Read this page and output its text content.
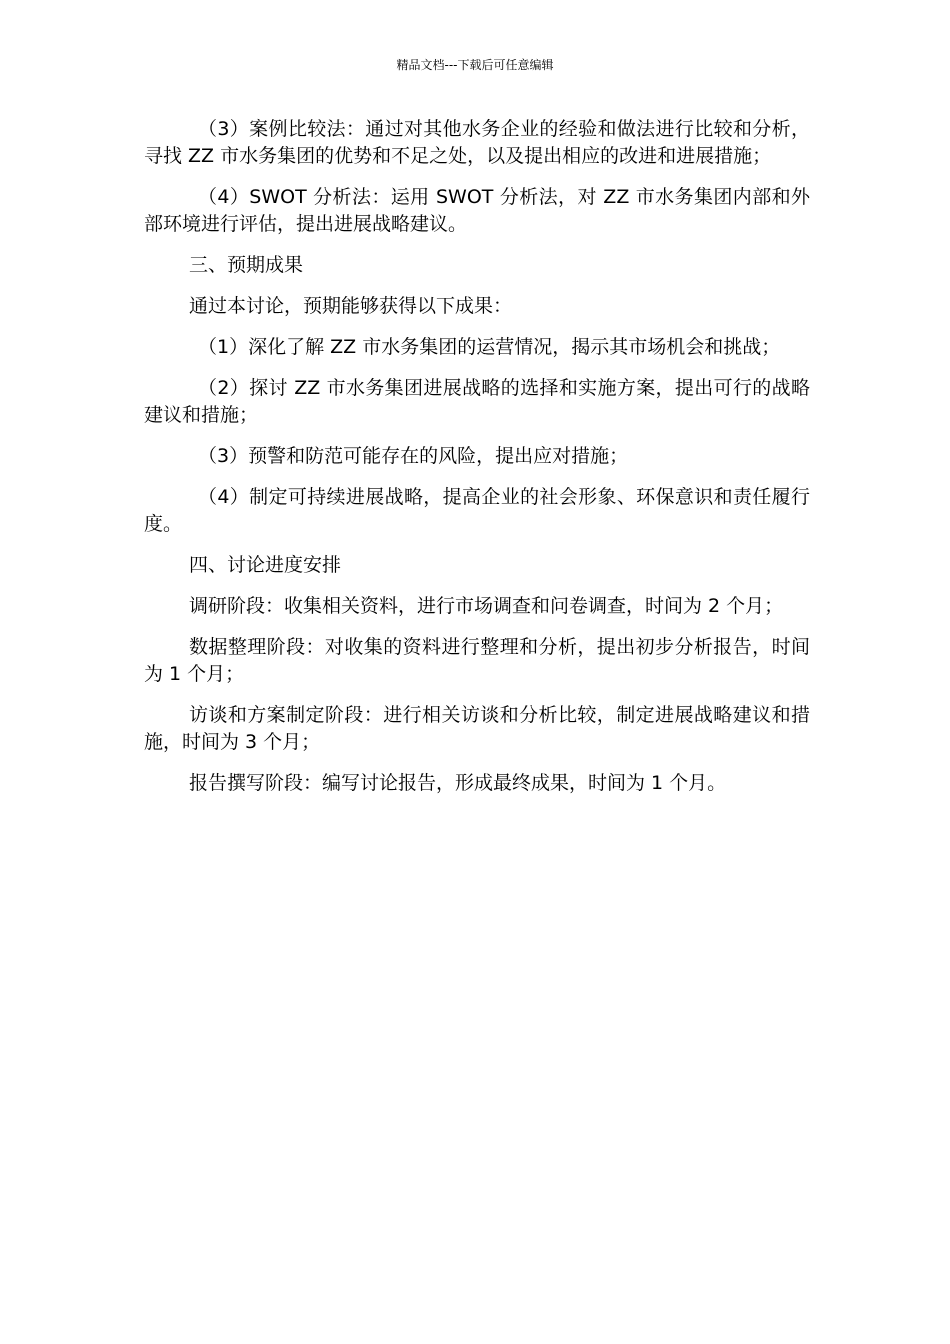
精品文档---下载后可任意编辑

（3）案例比较法：通过对其他水务企业的经验和做法进行比较和分析，寻找 ZZ 市水务集团的优势和不足之处，以及提出相应的改进和进展措施；

（4）SWOT 分析法：运用 SWOT 分析法，对 ZZ 市水务集团内部和外部环境进行评估，提出进展战略建议。

三、预期成果

通过本讨论，预期能够获得以下成果：

（1）深化了解 ZZ 市水务集团的运营情况，揭示其市场机会和挑战；

（2）探讨 ZZ 市水务集团进展战略的选择和实施方案，提出可行的战略建议和措施；

（3）预警和防范可能存在的风险，提出应对措施；

（4）制定可持续进展战略，提高企业的社会形象、环保意识和责任履行度。

四、讨论进度安排

调研阶段：收集相关资料，进行市场调查和问卷调查，时间为 2 个月；

数据整理阶段：对收集的资料进行整理和分析，提出初步分析报告，时间为 1 个月；

访谈和方案制定阶段：进行相关访谈和分析比较，制定进展战略建议和措施，时间为 3 个月；

报告撰写阶段：编写讨论报告，形成最终成果，时间为 1 个月。
